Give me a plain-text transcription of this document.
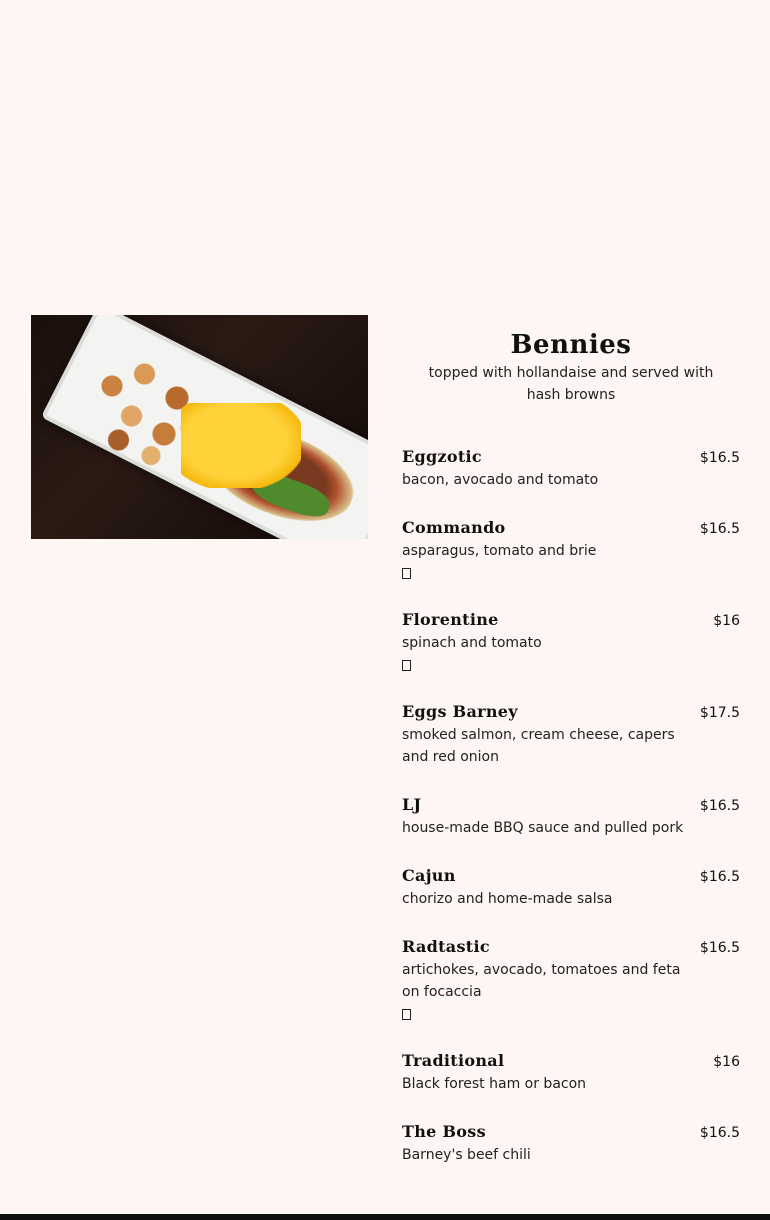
Bennies
topped with hollandaise and served with hash browns
Eggzotic	$16.5
bacon, avocado and tomato
Commando	$16.5
asparagus, tomato and brie
Florentine	$16
spinach and tomato
Eggs Barney	$17.5
smoked salmon, cream cheese, capers and red onion
LJ	$16.5
house-made BBQ sauce and pulled pork
Cajun	$16.5
chorizo and home-made salsa
Radtastic	$16.5
artichokes, avocado, tomatoes and feta on focaccia
Traditional	$16
Black forest ham or bacon
The Boss	$16.5
Barney's beef chili
